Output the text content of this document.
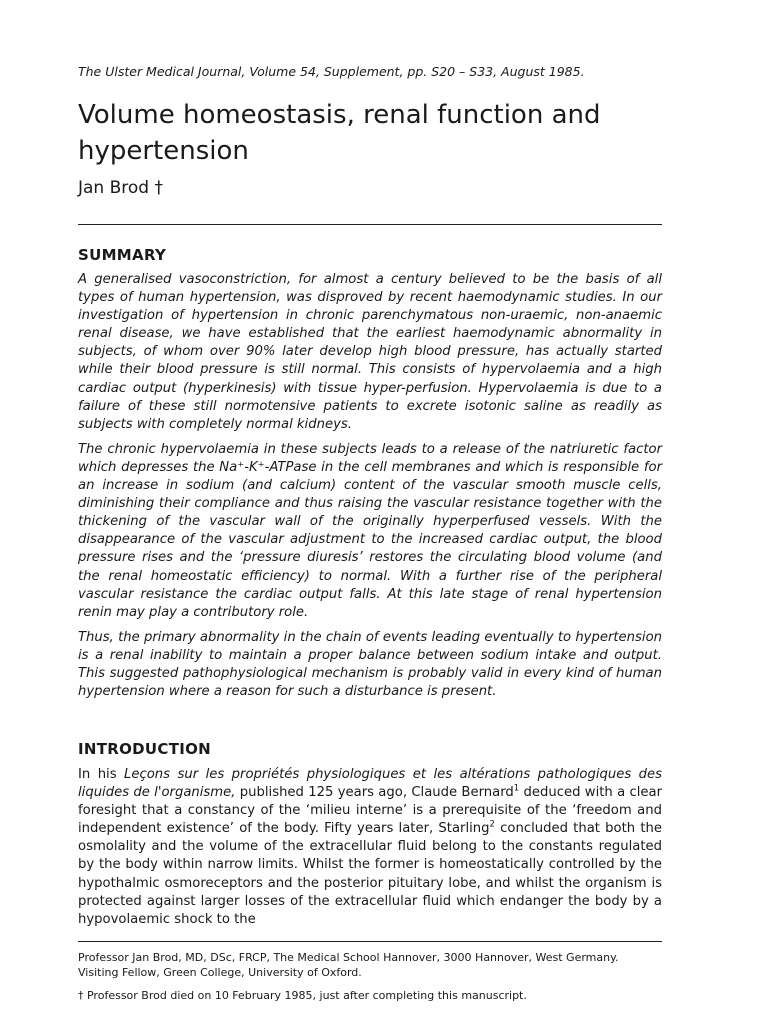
The Ulster Medical Journal, Volume 54, Supplement, pp. S20 – S33, August 1985.
Volume homeostasis, renal function and hypertension
Jan Brod †
SUMMARY

A generalised vasoconstriction, for almost a century believed to be the basis of all types of human hypertension, was disproved by recent haemodynamic studies. In our investigation of hypertension in chronic parenchymatous non-uraemic, non-anaemic renal disease, we have established that the earliest haemodynamic abnormality in subjects, of whom over 90% later develop high blood pressure, has actually started while their blood pressure is still normal. This consists of hypervolaemia and a high cardiac output (hyperkinesis) with tissue hyper-perfusion. Hypervolaemia is due to a failure of these still normotensive patients to excrete isotonic saline as readily as subjects with completely normal kidneys.

The chronic hypervolaemia in these subjects leads to a release of the natriuretic factor which depresses the Na⁺-K⁺-ATPase in the cell membranes and which is responsible for an increase in sodium (and calcium) content of the vascular smooth muscle cells, diminishing their compliance and thus raising the vascular resistance together with the thickening of the vascular wall of the originally hyperperfused vessels. With the disappearance of the vascular adjustment to the increased cardiac output, the blood pressure rises and the ‘pressure diuresis’ restores the circulating blood volume (and the renal homeostatic efficiency) to normal. With a further rise of the peripheral vascular resistance the cardiac output falls. At this late stage of renal hypertension renin may play a contributory role.

Thus, the primary abnormality in the chain of events leading eventually to hypertension is a renal inability to maintain a proper balance between sodium intake and output. This suggested pathophysiological mechanism is probably valid in every kind of human hypertension where a reason for such a disturbance is present.

INTRODUCTION

In his Leçons sur les propriétés physiologiques et les altérations pathologiques des liquides de l'organisme, published 125 years ago, Claude Bernard$^1$ deduced with a clear foresight that a constancy of the ‘milieu interne’ is a prerequisite of the ‘freedom and independent existence’ of the body. Fifty years later, Starling$^2$ concluded that both the osmolality and the volume of the extracellular fluid belong to the constants regulated by the body within narrow limits. Whilst the former is homeostatically controlled by the hypothalmic osmoreceptors and the posterior pituitary lobe, and whilst the organism is protected against larger losses of the extracellular fluid which endanger the body by a hypovolaemic shock to the

Professor Jan Brod, MD, DSc, FRCP, The Medical School Hannover, 3000 Hannover, West Germany. Visiting Fellow, Green College, University of Oxford.
† Professor Brod died on 10 February 1985, just after completing this manuscript.
